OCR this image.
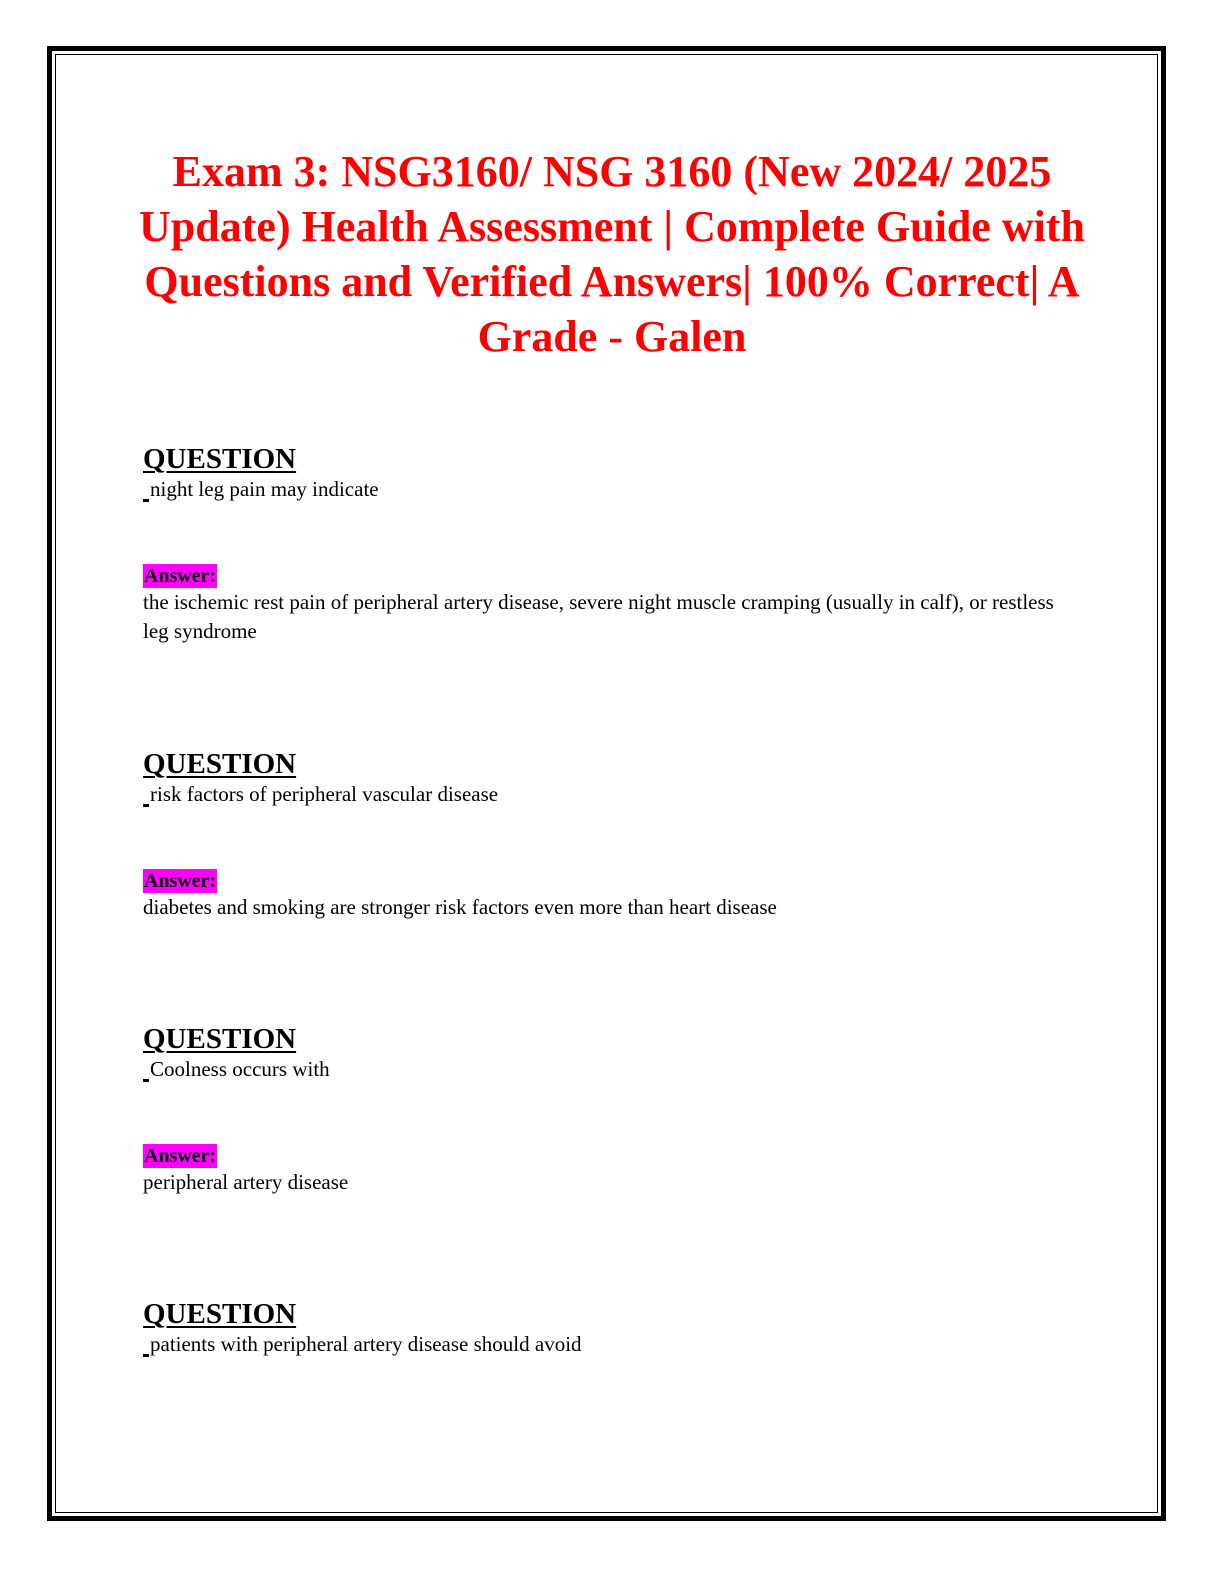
Exam 3: NSG3160/ NSG 3160 (New 2024/ 2025 Update) Health Assessment | Complete Guide with Questions and Verified Answers| 100% Correct| A Grade - Galen

QUESTION

night leg pain may indicate

Answer:

the ischemic rest pain of peripheral artery disease, severe night muscle cramping (usually in calf), or restless leg syndrome

QUESTION

risk factors of peripheral vascular disease

Answer:

diabetes and smoking are stronger risk factors even more than heart disease

QUESTION

Coolness occurs with

Answer:

peripheral artery disease

QUESTION

patients with peripheral artery disease should avoid
